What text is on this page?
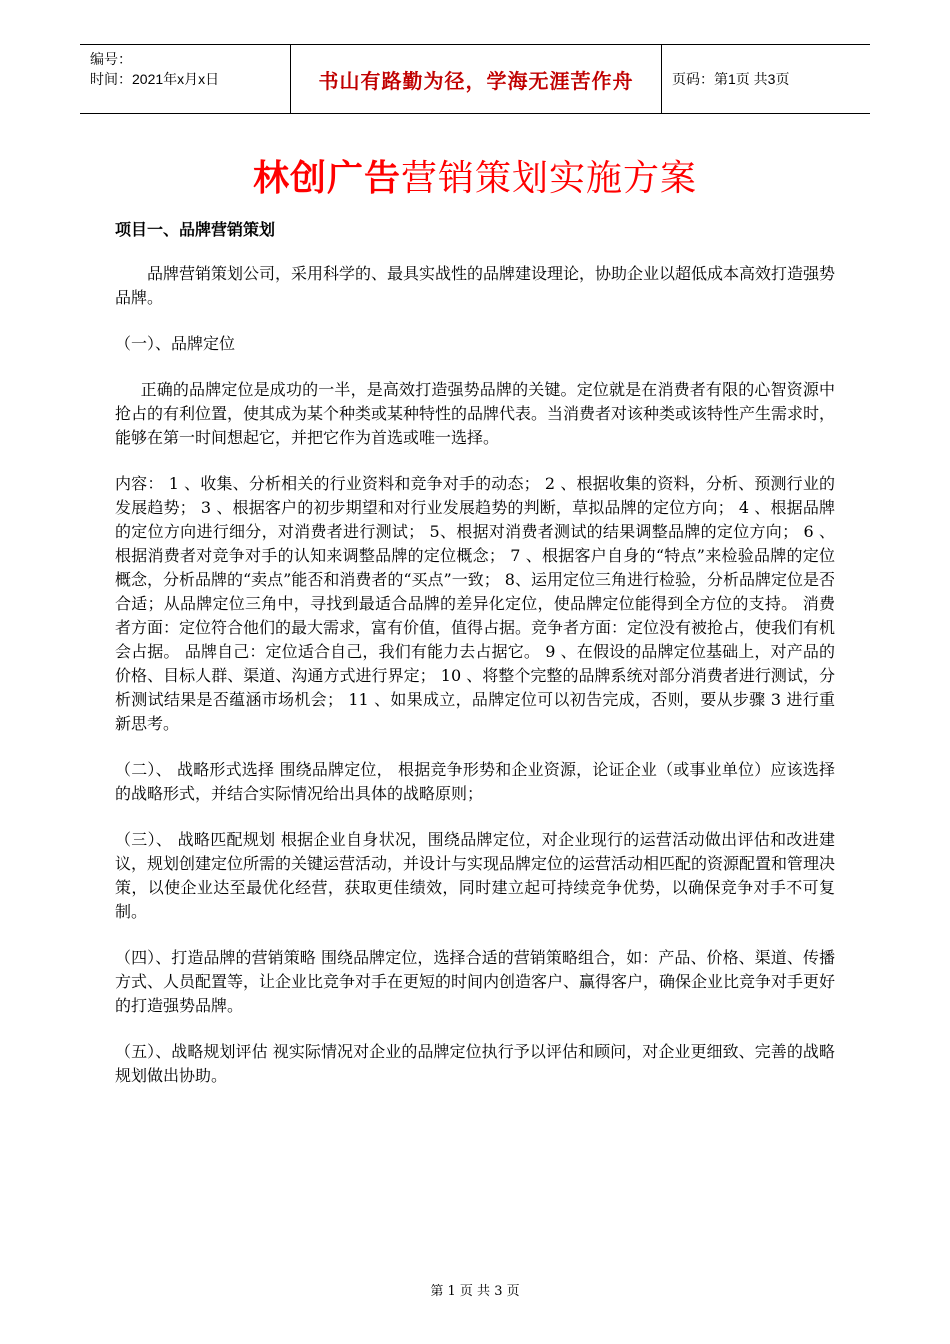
编号：
时间：2021年x月x日	书山有路勤为径，学海无涯苦作舟	页码：第1页 共3页
林创广告营销策划实施方案

项目一、品牌营销策划

品牌营销策划公司，采用科学的、最具实战性的品牌建设理论，协助企业以超低成本高效打造强势品牌。

（一）、品牌定位

正确的品牌定位是成功的一半，是高效打造强势品牌的关键。定位就是在消费者有限的心智资源中抢占的有利位置，使其成为某个种类或某种特性的品牌代表。当消费者对该种类或该特性产生需求时，能够在第一时间想起它，并把它作为首选或唯一选择。

内容： 1 、收集、分析相关的行业资料和竞争对手的动态； 2 、根据收集的资料，分析、预测行业的发展趋势； 3 、根据客户的初步期望和对行业发展趋势的判断，草拟品牌的定位方向； 4 、根据品牌的定位方向进行细分，对消费者进行测试； 5、根据对消费者测试的结果调整品牌的定位方向； 6 、根据消费者对竞争对手的认知来调整品牌的定位概念； 7 、根据客户自身的“特点”来检验品牌的定位概念，分析品牌的“卖点”能否和消费者的“买点”一致； 8、运用定位三角进行检验，分析品牌定位是否合适；从品牌定位三角中，寻找到最适合品牌的差异化定位，使品牌定位能得到全方位的支持。 消费者方面：定位符合他们的最大需求，富有价值，值得占据。竞争者方面：定位没有被抢占，使我们有机会占据。 品牌自己：定位适合自己，我们有能力去占据它。 9 、在假设的品牌定位基础上，对产品的价格、目标人群、渠道、沟通方式进行界定； 10 、将整个完整的品牌系统对部分消费者进行测试，分析测试结果是否蕴涵市场机会； 11 、如果成立，品牌定位可以初告完成，否则，要从步骤 3 进行重新思考。

（二）、 战略形式选择 围绕品牌定位， 根据竞争形势和企业资源，论证企业（或事业单位）应该选择的战略形式，并结合实际情况给出具体的战略原则；

（三）、 战略匹配规划 根据企业自身状况，围绕品牌定位，对企业现行的运营活动做出评估和改进建议，规划创建定位所需的关键运营活动，并设计与实现品牌定位的运营活动相匹配的资源配置和管理决策，以使企业达至最优化经营，获取更佳绩效，同时建立起可持续竞争优势，以确保竞争对手不可复制。

（四）、打造品牌的营销策略 围绕品牌定位，选择合适的营销策略组合，如：产品、价格、渠道、传播方式、人员配置等，让企业比竞争对手在更短的时间内创造客户、赢得客户，确保企业比竞争对手更好的打造强势品牌。

（五）、战略规划评估 视实际情况对企业的品牌定位执行予以评估和顾问，对企业更细致、完善的战略规划做出协助。

第 1 页 共 3 页
